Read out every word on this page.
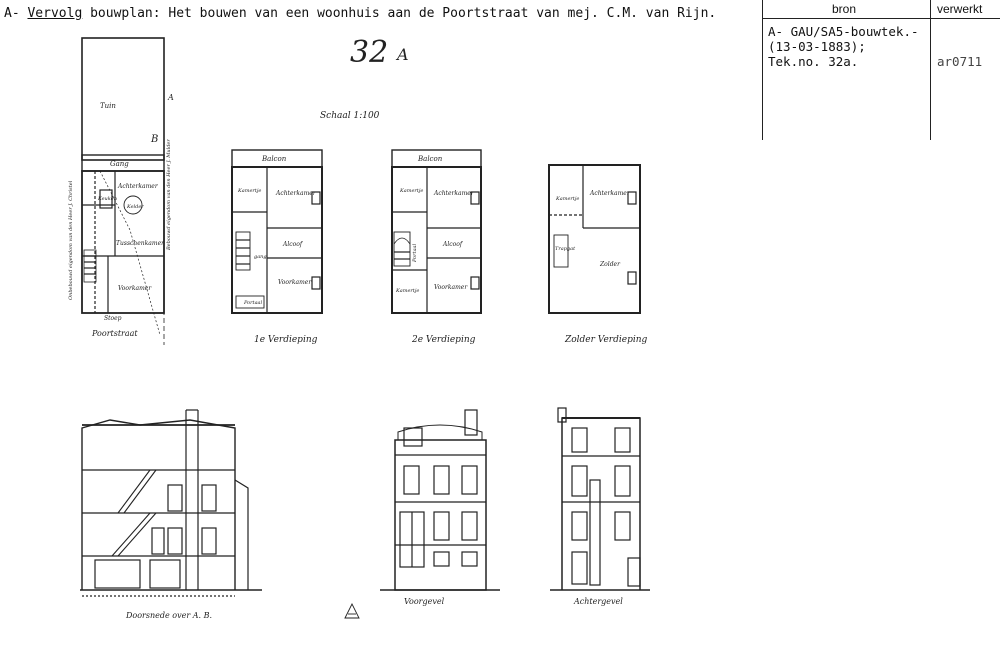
A- Vervolg bouwplan: Het bouwen van een woonhuis aan de Poortstraat van mej. C.M. van Rijn.	bron	verwerkt
A- GAU/SA5-bouwtek.-
(13-03-1883);
Tek.no. 32a.	ar0711
32 A
Schaal 1:100
Tuin
Gang
Keuken
Achterkamer
Kelder
Tusschenkamer
Voorkamer
Stoep
Poortstraat
Onbebouwd eigendom van den Heer J. Christel	Bebouwd eigendom van den Heer J. Mulder
B
A
Balcon
Kamertje Achterkamer
Alcoof
Voorkamer
gang
Portaal
1e Verdieping
Balcon
Kamertje Achterkamer
Alcoof
Voorkamer
Kamertje
Portaal
2e Verdieping
Kamertje
Achterkamer
Trapgat
Zolder
Zolder Verdieping
Doorsnede over A. B.
Voorgevel	Achtergevel
